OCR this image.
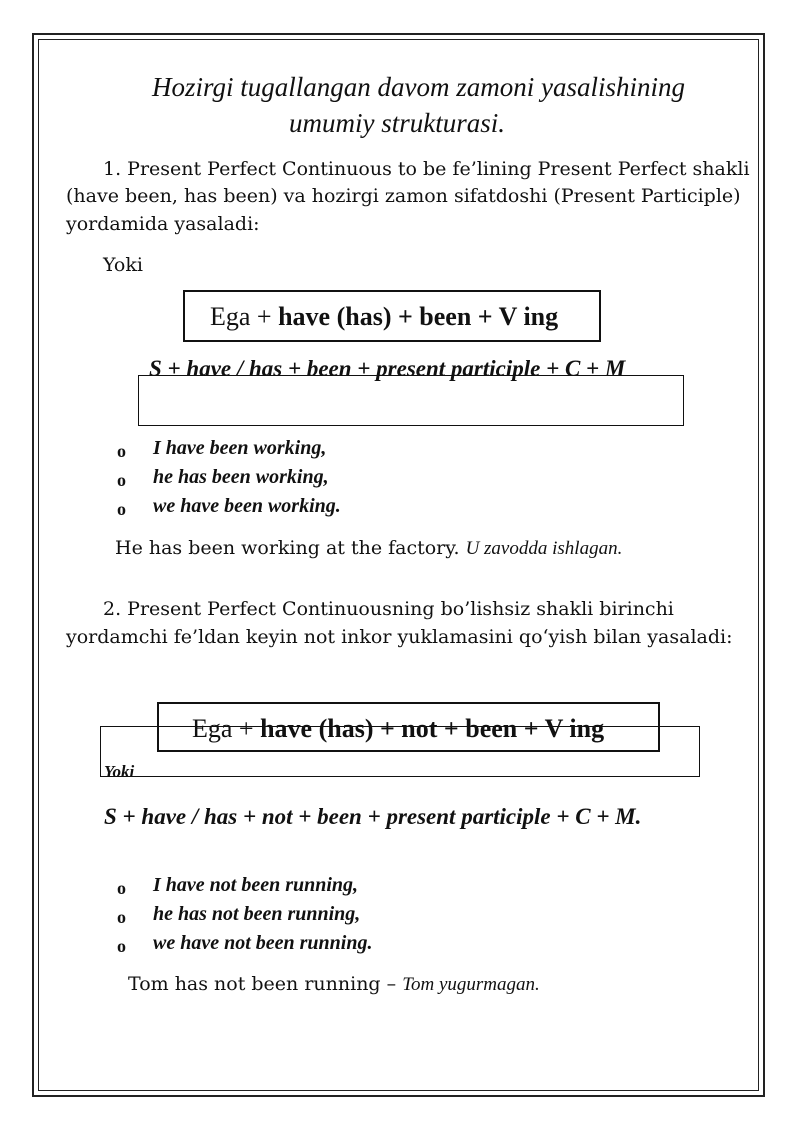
Hozirgi tugallangan davom zamoni yasalishining
umumiy strukturasi.
1. Present Perfect Continuous to be fe’lining Present Perfect shakli
(have been, has been) va hozirgi zamon sifatdoshi (Present Participle)
yordamida yasaladi:
Yoki
Ega + have (has) + been + V ing
S + have / has + been + present participle + C + M
o I have been working,
o he has been working,
o we have been working.
He has been working at the factory. U zavodda ishlagan.
2. Present Perfect Continuousning bo’lishsiz shakli birinchi
yordamchi fe’ldan keyin not inkor yuklamasini qo‘yish bilan yasaladi:
Ega + have (has) + not + been + V ing
Yoki
S + have / has + not + been + present participle + C + M.
o I have not been running,
o he has not been running,
o we have not been running.
Tom has not been running – Tom yugurmagan.
